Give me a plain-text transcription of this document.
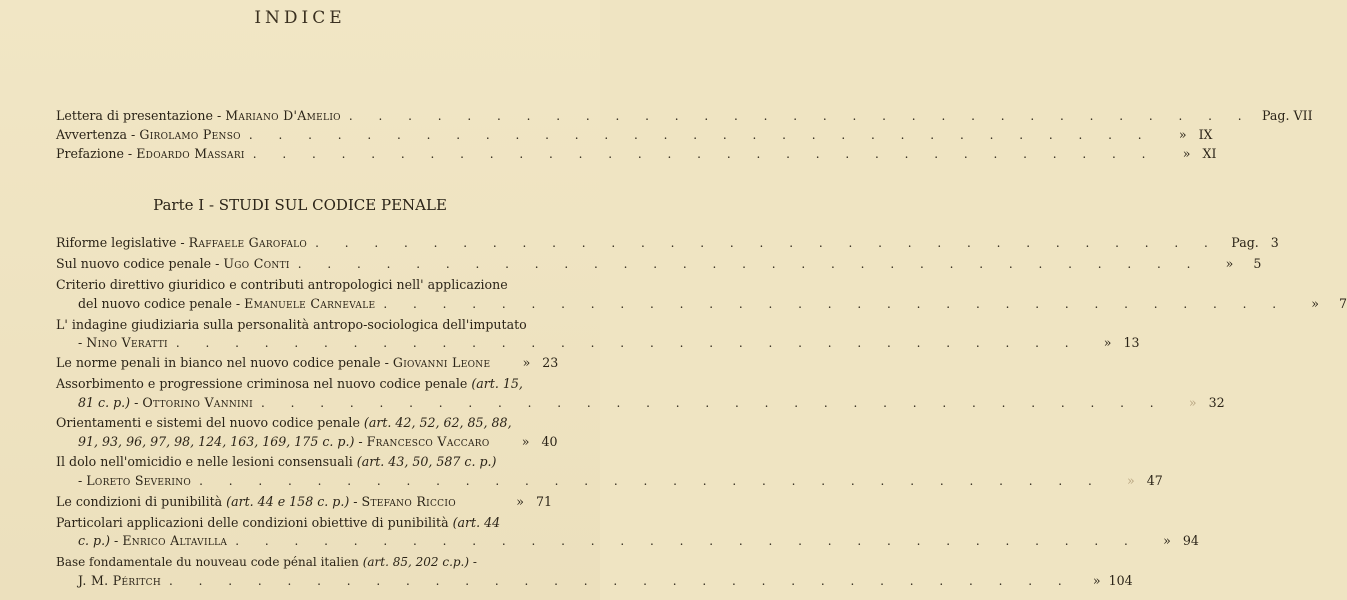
INDICE
Lettera di presentazione - Mariano D'Amelio . . . . . . . . . . . . . . . . . . . . . . . . . . . . . . . Pag. VII
Avvertenza - Girolamo Penso . . . . . . . . . . . . . . . . . . . . . . . . . . . . . . .	» IX
Prefazione - Edoardo Massari . . . . . . . . . . . . . . . . . . . . . . . . . . . . . . .	» XI
Parte I - STUDI SUL CODICE PENALE
Riforme legislative - Raffaele Garofalo . . . . . . . . . . . . . . . . . . . . . . . . . . . . . . . Pag. 3
Sul nuovo codice penale - Ugo Conti . . . . . . . . . . . . . . . . . . . . . . . . . . . . . . .	» 5
Criterio direttivo giuridico e contributi antropologici nell' applicazione
del nuovo codice penale - Emanuele Carnevale . . . . . . . . . . . . . . . . . . . . . . . . . . . . . . .	» 7
L' indagine giudiziaria sulla personalità antropo-sociologica dell'imputato
- Nino Veratti . . . . . . . . . . . . . . . . . . . . . . . . . . . . . . .	» 13
Le norme penali in bianco nel nuovo codice penale - Giovanni Leone	» 23
Assorbimento e progressione criminosa nel nuovo codice penale (art. 15,
81 c. p.) - Ottorino Vannini . . . . . . . . . . . . . . . . . . . . . . . . . . . . . . .	» 32
Orientamenti e sistemi del nuovo codice penale (art. 42, 52, 62, 85, 88,
91, 93, 96, 97, 98, 124, 163, 169, 175 c. p.) - Francesco Vaccaro	» 40
Il dolo nell'omicidio e nelle lesioni consensuali (art. 43, 50, 587 c. p.)
- Loreto Severino . . . . . . . . . . . . . . . . . . . . . . . . . . . . . . .	» 47
Le condizioni di punibilità (art. 44 e 158 c. p.) - Stefano Riccio	» 71
Particolari applicazioni delle condizioni obiettive di punibilità (art. 44
c. p.) - Enrico Altavilla . . . . . . . . . . . . . . . . . . . . . . . . . . . . . . .	» 94
Base fondamentale du nouveau code pénal italien (art. 85, 202 c.p.) -
J. M. Péritch . . . . . . . . . . . . . . . . . . . . . . . . . . . . . . .	» 104
